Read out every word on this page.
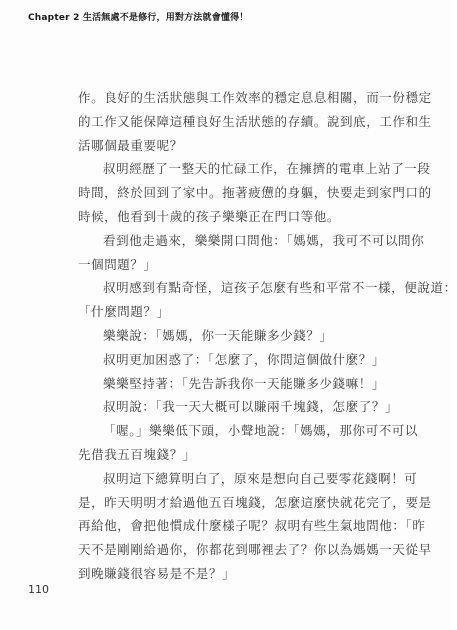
Chapter 2 生活無處不是修行，用對方法就會懂得！
作。良好的生活狀態與工作效率的穩定息息相關，而一份穩定
的工作又能保障這種良好生活狀態的存續。說到底，工作和生
活哪個最重要呢？
叔明經歷了一整天的忙碌工作，在擁擠的電車上站了一段
時間，終於回到了家中。拖著疲憊的身軀，快要走到家門口的
時候，他看到十歲的孩子樂樂正在門口等他。
看到他走過來，樂樂開口問他：「媽媽，我可不可以問你
一個問題？」
叔明感到有點奇怪，這孩子怎麼有些和平常不一樣，便說道：
「什麼問題？」
樂樂說：「媽媽，你一天能賺多少錢？」
叔明更加困惑了：「怎麼了，你問這個做什麼？」
樂樂堅持著：「先告訴我你一天能賺多少錢嘛！」
叔明說：「我一天大概可以賺兩千塊錢，怎麼了？」
「喔。」樂樂低下頭，小聲地說：「媽媽，那你可不可以
先借我五百塊錢？」
叔明這下總算明白了，原來是想向自己要零花錢啊！可
是，昨天明明才給過他五百塊錢，怎麼這麼快就花完了，要是
再給他，會把他慣成什麼樣子呢？叔明有些生氣地問他：「昨
天不是剛剛給過你，你都花到哪裡去了？你以為媽媽一天從早
到晚賺錢很容易是不是？」
110
